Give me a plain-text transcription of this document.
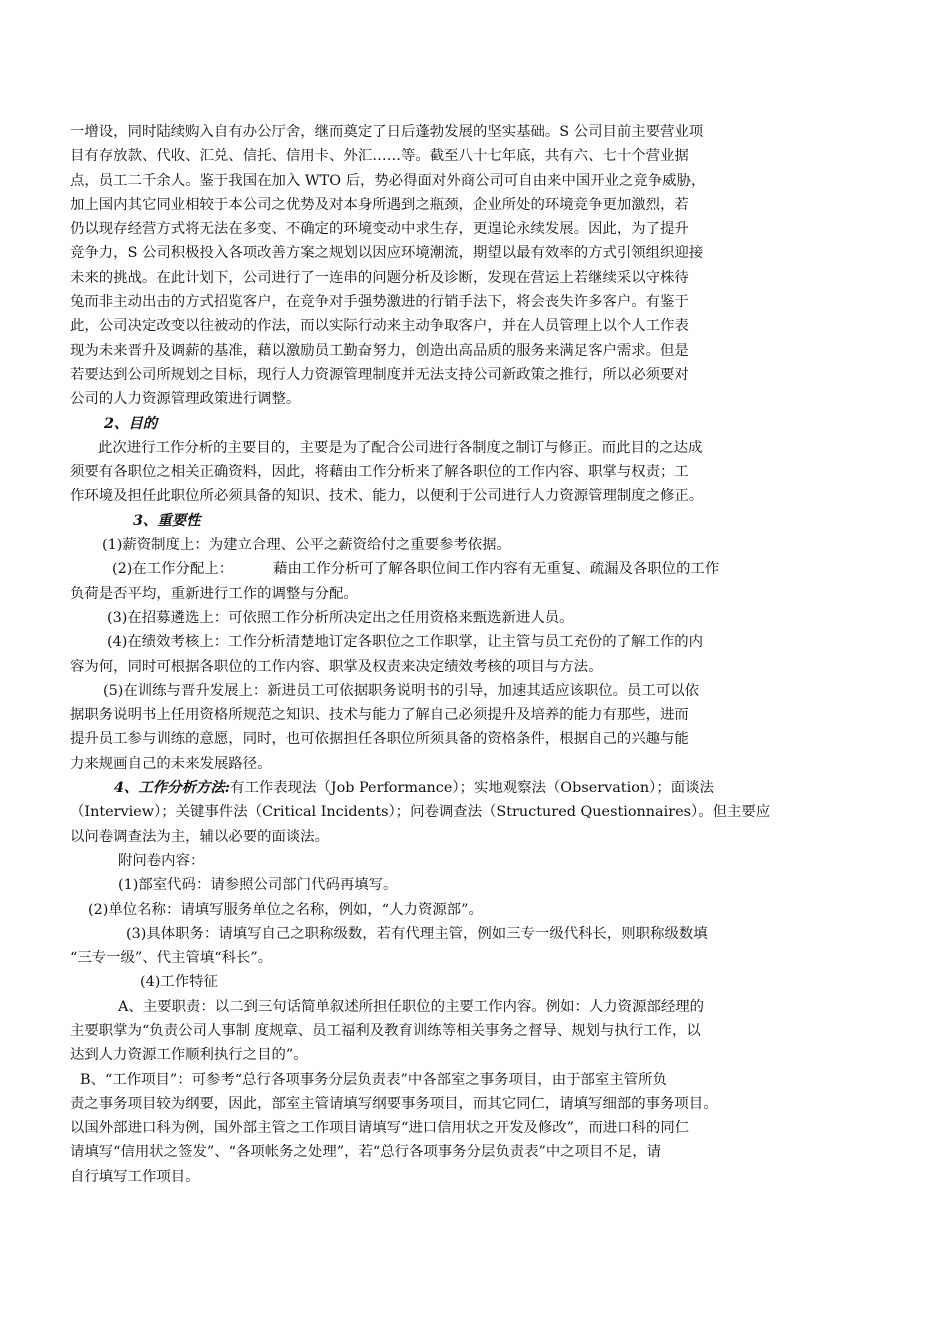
一增设，同时陆续购入自有办公厅舍，继而奠定了日后蓬勃发展的坚实基础。S 公司目前主要营业项
目有存放款、代收、汇兑、信托、信用卡、外汇……等。截至八十七年底，共有六、七十个营业据
点，员工二千余人。鉴于我国在加入 WTO 后，势必得面对外商公司可自由来中国开业之竞争威胁，
加上国内其它同业相较于本公司之优势及对本身所遇到之瓶颈，企业所处的环境竞争更加激烈，若
仍以现存经营方式将无法在多变、不确定的环境变动中求生存，更遑论永续发展。因此，为了提升
竞争力，S 公司积极投入各项改善方案之规划以因应环境潮流，期望以最有效率的方式引领组织迎接
未来的挑战。在此计划下，公司进行了一连串的问题分析及诊断，发现在营运上若继续采以守株待
兔而非主动出击的方式招览客户，在竞争对手强势激进的行销手法下，将会丧失许多客户。有鉴于
此，公司决定改变以往被动的作法，而以实际行动来主动争取客户，并在人员管理上以个人工作表
现为未来晋升及调薪的基准，藉以激励员工勤奋努力，创造出高品质的服务来满足客户需求。但是
若要达到公司所规划之目标，现行人力资源管理制度并无法支持公司新政策之推行，所以必须要对
公司的人力资源管理政策进行调整。

2、目的

此次进行工作分析的主要目的，主要是为了配合公司进行各制度之制订与修正。而此目的之达成
须要有各职位之相关正确资料，因此，将藉由工作分析来了解各职位的工作内容、职掌与权责；工
作环境及担任此职位所必须具备的知识、技术、能力，以便利于公司进行人力资源管理制度之修正。

3、重要性

(1)薪资制度上：为建立合理、公平之薪资给付之重要参考依据。

(2)在工作分配上：	藉由工作分析可了解各职位间工作内容有无重复、疏漏及各职位的工作
负荷是否平均，重新进行工作的调整与分配。

(3)在招募遴选上：可依照工作分析所决定出之任用资格来甄选新进人员。

(4)在绩效考核上：工作分析清楚地订定各职位之工作职掌，让主管与员工充份的了解工作的内
容为何，同时可根据各职位的工作内容、职掌及权责来决定绩效考核的项目与方法。

(5)在训练与晋升发展上：新进员工可依据职务说明书的引导，加速其适应该职位。员工可以依
据职务说明书上任用资格所规范之知识、技术与能力了解自己必须提升及培养的能力有那些，进而
提升员工参与训练的意愿，同时，也可依据担任各职位所须具备的资格条件，根据自己的兴趣与能
力来规画自己的未来发展路径。

4、工作分析方法:有工作表现法（Job Performance）；实地观察法（Observation）；面谈法
（Interview）；关键事件法（Critical Incidents）；问卷调查法（Structured Questionnaires）。但主要应
以问卷调查法为主，辅以必要的面谈法。

附问卷内容：

(1)部室代码：请参照公司部门代码再填写。

(2)单位名称：请填写服务单位之名称，例如，“人力资源部”。

(3)具体职务：请填写自己之职称级数，若有代理主管，例如三专一级代科长，则职称级数填
“三专一级”、代主管填“科长”。

(4)工作特征

A、主要职责：以二到三句话简单叙述所担任职位的主要工作内容。例如：人力资源部经理的
主要职掌为“负责公司人事制 度规章、员工福利及教育训练等相关事务之督导、规划与执行工作，以
达到人力资源工作顺利执行之目的”。

B、“工作项目”：可参考“总行各项事务分层负责表”中各部室之事务项目，由于部室主管所负
责之事务项目较为纲要，因此，部室主管请填写纲要事务项目，而其它同仁，请填写细部的事务项目。
以国外部进口科为例，国外部主管之工作项目请填写“进口信用状之开发及修改”，而进口科的同仁
请填写“信用状之签发”、“各项帐务之处理”，若“总行各项事务分层负责表”中之项目不足，请
自行填写工作项目。
